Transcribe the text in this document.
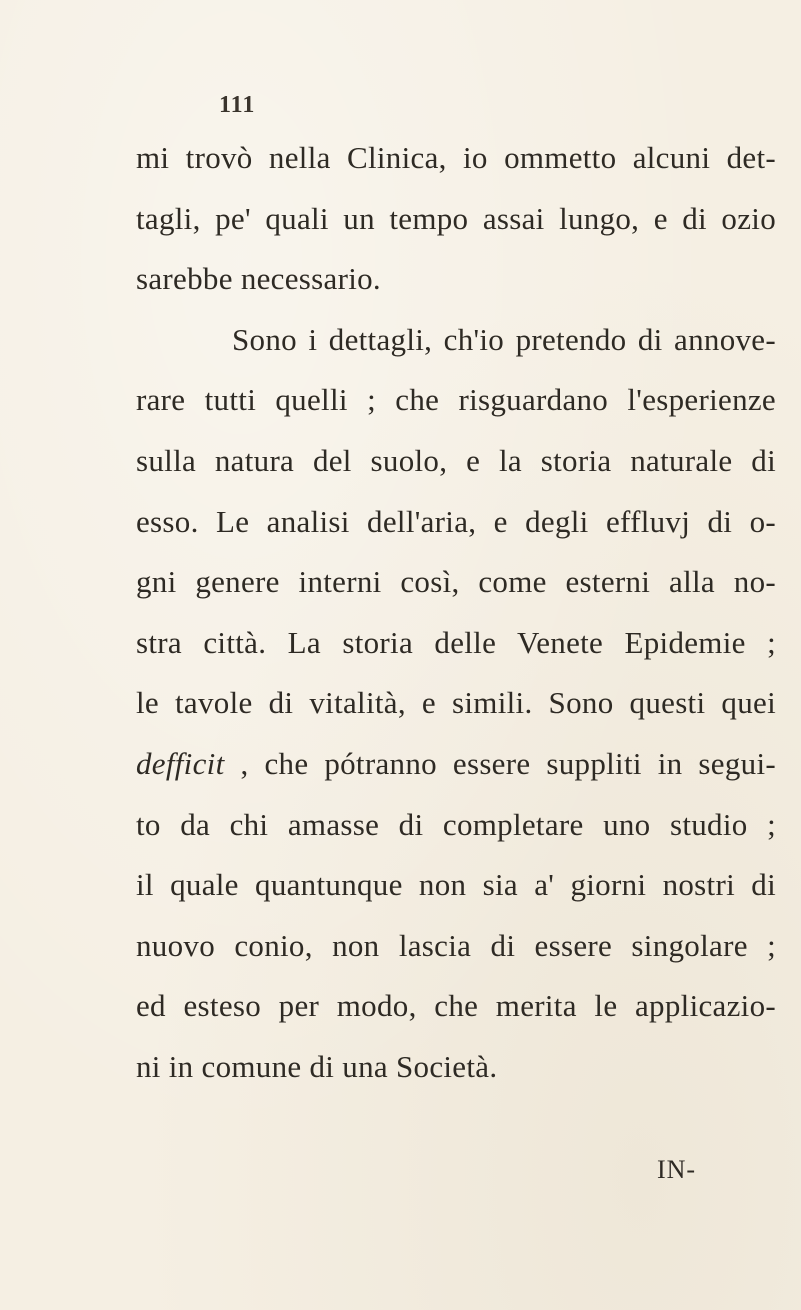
111
mi trovò nella Clinica, io ommetto alcuni det-
tagli, pe' quali un tempo assai lungo, e di ozio
sarebbe necessario.
Sono i dettagli, ch'io pretendo di annove-
rare tutti quelli ; che risguardano l'esperienze
sulla natura del suolo, e la storia naturale di
esso. Le analisi dell'aria, e degli effluvj di o-
gni genere interni così, come esterni alla no-
stra città. La storia delle Venete Epidemie ;
le tavole di vitalità, e simili. Sono questi quei
defficit , che pótranno essere suppliti in segui-
to da chi amasse di completare uno studio ;
il quale quantunque non sia a' giorni nostri di
nuovo conio, non lascia di essere singolare ;
ed esteso per modo, che merita le applicazio-
ni in comune di una Società.
IN-
